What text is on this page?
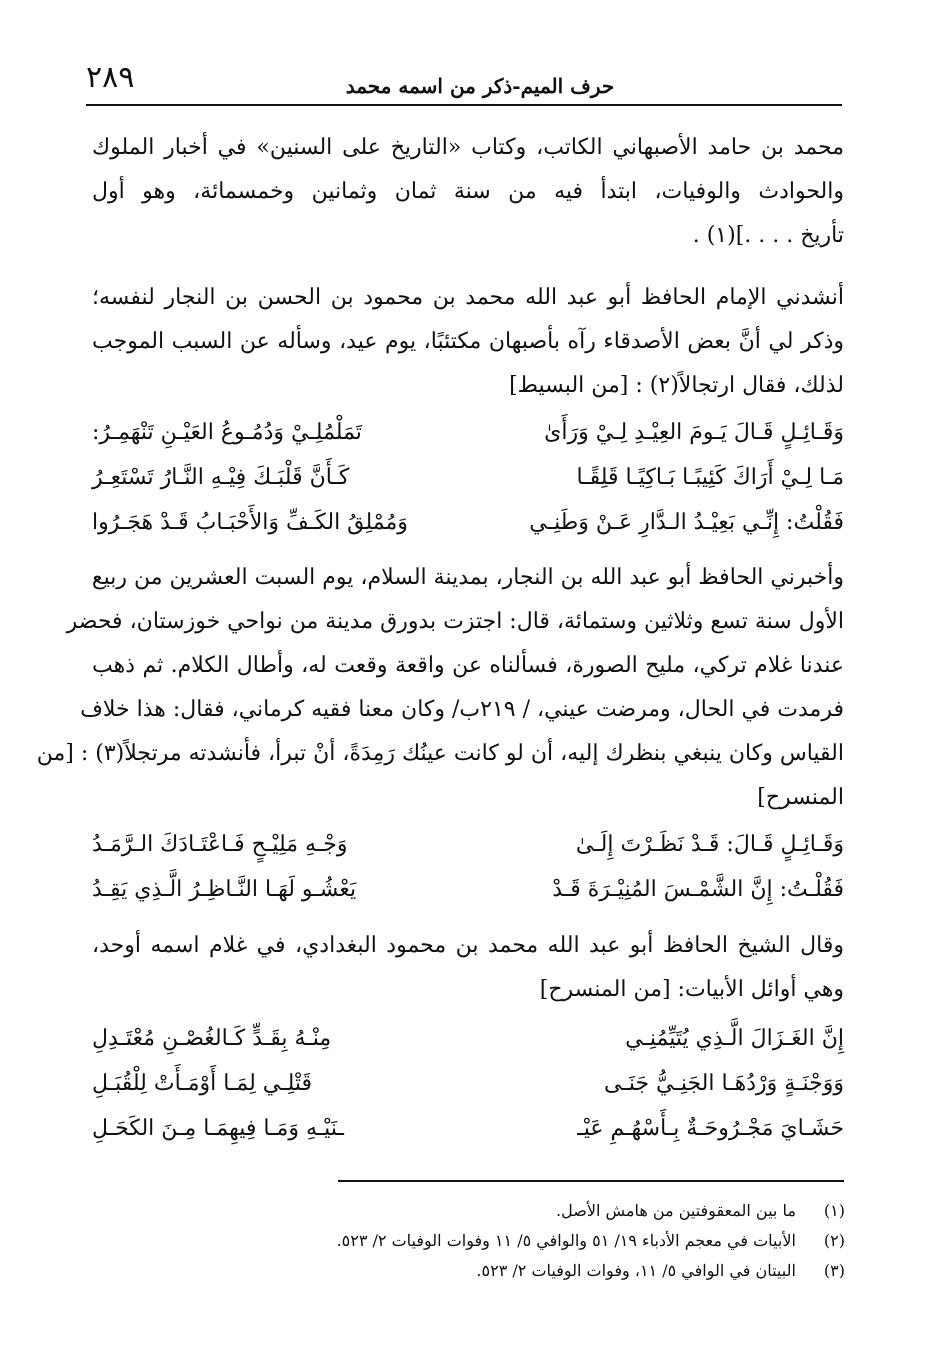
٢٨٩	حرف الميم-ذكر من اسمه محمد
محمد بن حامد الأصبهاني الكاتب، وكتاب «التاريخ على السنين» في أخبار الملوك
والحوادث والوفيات، ابتدأ فيه من سنة ثمان وثمانين وخمسمائة، وهو أول
تأريخ . . . .](١) .
أنشدني الإمام الحافظ أبو عبد الله محمد بن محمود بن الحسن بن النجار لنفسه؛
وذكر لي أنَّ بعض الأصدقاء رآه بأصبهان مكتئبًا، يوم عيد، وسأله عن السبب الموجب
لذلك، فقال ارتجالاً(٢) : [من البسيط]
وَقَـائِـلٍ قَـالَ يَـومَ العِيْـدِ لِـيْ وَرَأَىٰ
تَمَلْمُلِـيْ وَدُمُـوعُ العَيْـنِ تَنْهَمِـرُ:
مَـا لِـيْ أَرَاكَ كَئِيبًـا بَـاكِيًـا قَلِقًـا
كَـأَنَّ قَلْبَـكَ فِيْـهِ النَّـارُ تَسْتَعِـرُ
فَقُلْتُ: إِنِّـي بَعِيْـدُ الـدَّارِ عَـنْ وَطَنِـي
وَمُمْلِقُ الكَـفِّ وَالأَحْبَـابُ قَـدْ هَجَـرُوا
وأخبرني الحافظ أبو عبد الله بن النجار، بمدينة السلام، يوم السبت العشرين من ربيع
الأول سنة تسع وثلاثين وستمائة، قال: اجتزت بدورق مدينة من نواحي خوزستان، فحضر
عندنا غلام تركي، مليح الصورة، فسألناه عن واقعة وقعت له، وأطال الكلام. ثم ذهب
فرمدت في الحال، ومرضت عيني، / ٢١٩ب/ وكان معنا فقيه كرماني، فقال: هذا خلاف
القياس وكان ينبغي بنظرك إليه، أن لو كانت عينُك رَمِدَةً، أنْ تبرأ، فأنشدته مرتجلاً(٣) : [من
المنسرح]
وَقَـائِـلٍ قَـالَ: قَـدْ نَظَـرْتَ إِلَـىٰ
وَجْـهِ مَلِيْـحٍ فَـاعْتَـادَكَ الـرَّمَـدُ
فَقُلْـتُ: إِنَّ الشَّمْـسَ المُنِيْـرَةَ قَـدْ
يَعْشُـو لَهَـا النَّـاظِـرُ الَّـذِي يَقِـدُ
وقال الشيخ الحافظ أبو عبد الله محمد بن محمود البغدادي، في غلام اسمه أوحد،
وهي أوائل الأبيات: [من المنسرح]
إِنَّ الغَـزَالَ الَّـذِي يُتَيِّمُنِـي
مِنْـهُ بِقَـدٍّ كَـالغُصْـنِ مُعْتَـدِلِ
وَوَجْنَـةٍ وَرْدُهَـا الجَنِـيُّ جَنَـى
قَتْلِـي لِمَـا أَوْمَـأَتْ لِلْقُبَـلِ
حَشَـايَ مَجْـرُوحَـةٌ بِـأَسْهُـمِ عَيْـ
ـنَيْـهِ وَمَـا فِيهِمَـا مِـنَ الكَحَـلِ
(١) ما بين المعقوفتين من هامش الأصل.
(٢) الأبيات في معجم الأدباء ١٩/ ٥١ والوافي ٥/ ١١ وفوات الوفيات ٢/ ٥٢٣.
(٣) البيتان في الوافي ٥/ ١١، وفوات الوفيات ٢/ ٥٢٣.
